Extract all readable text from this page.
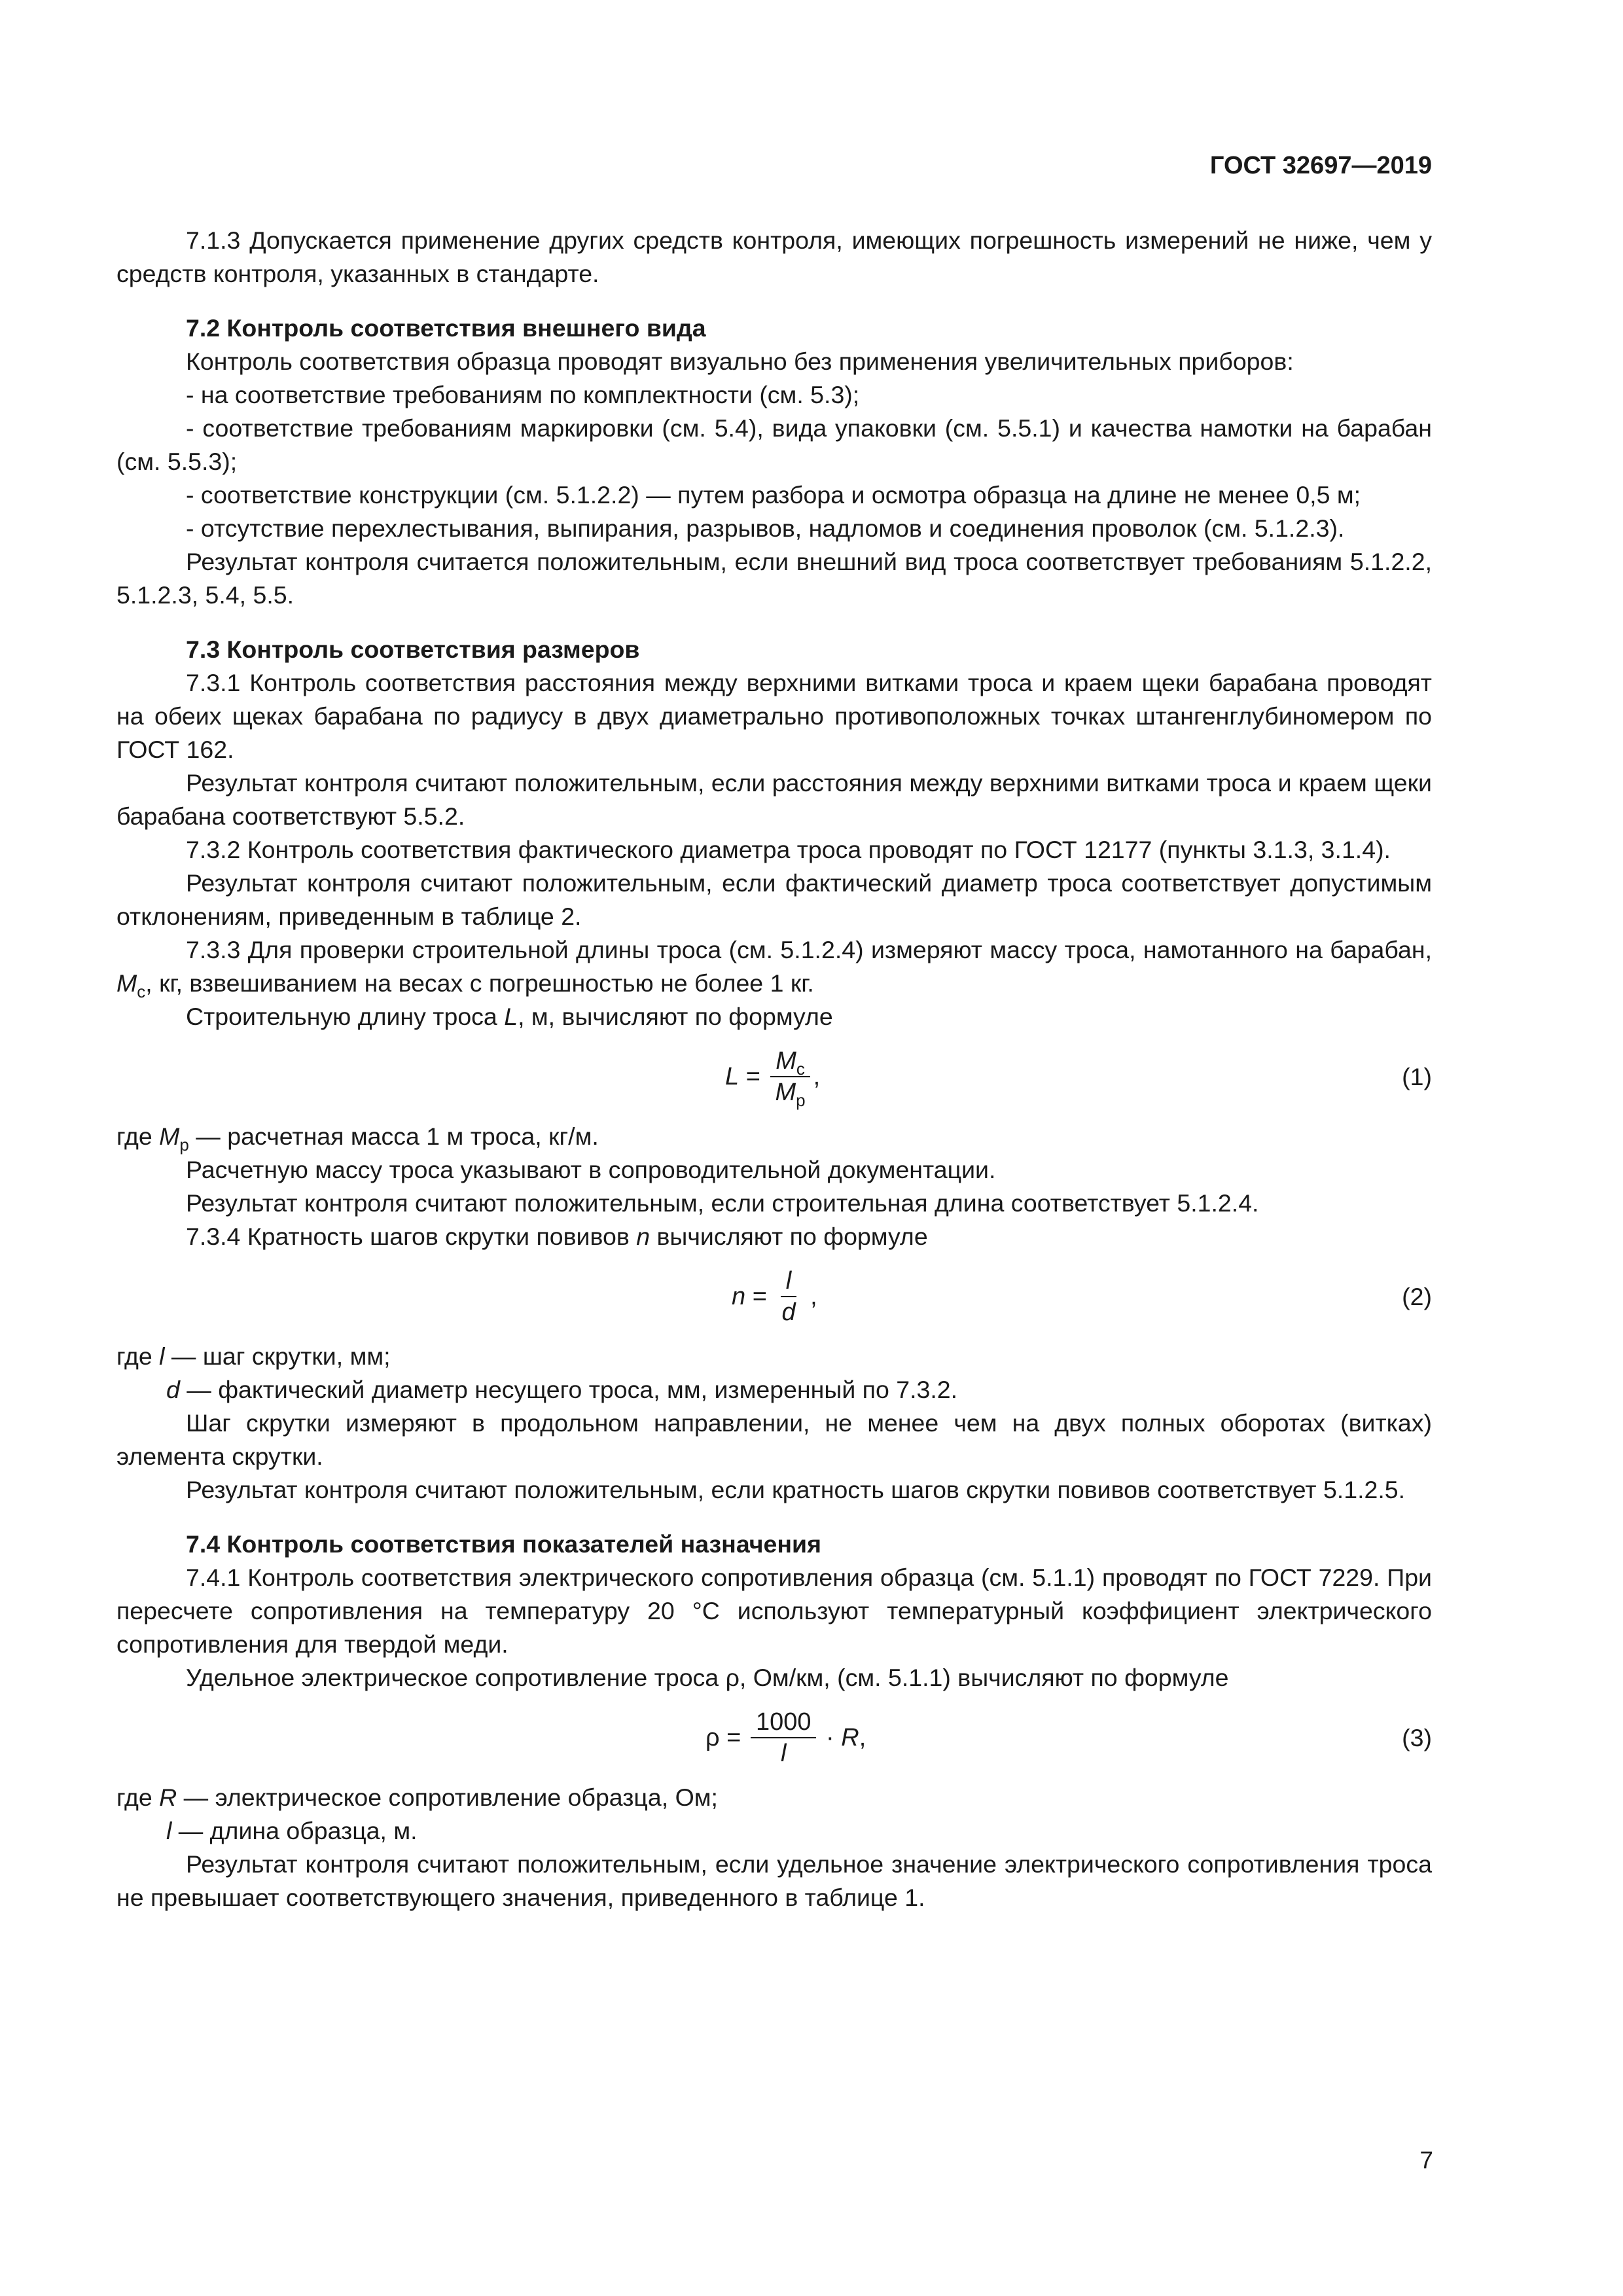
ГОСТ 32697—2019

7.1.3 Допускается применение других средств контроля, имеющих погрешность измерений не ниже, чем у средств контроля, указанных в стандарте.

7.2 Контроль соответствия внешнего вида

Контроль соответствия образца проводят визуально без применения увеличительных приборов:

- на соответствие требованиям по комплектности (см. 5.3);

- соответствие требованиям маркировки (см. 5.4), вида упаковки (см. 5.5.1) и качества намотки на барабан (см. 5.5.3);

- соответствие конструкции (см. 5.1.2.2) — путем разбора и осмотра образца на длине не менее 0,5 м;

- отсутствие перехлестывания, выпирания, разрывов, надломов и соединения проволок (см. 5.1.2.3).

Результат контроля считается положительным, если внешний вид троса соответствует требованиям 5.1.2.2, 5.1.2.3, 5.4, 5.5.

7.3 Контроль соответствия размеров

7.3.1 Контроль соответствия расстояния между верхними витками троса и краем щеки барабана проводят на обеих щеках барабана по радиусу в двух диаметрально противоположных точках штангенглубиномером по ГОСТ 162.

Результат контроля считают положительным, если расстояния между верхними витками троса и краем щеки барабана соответствуют 5.5.2.

7.3.2 Контроль соответствия фактического диаметра троса проводят по ГОСТ 12177 (пункты 3.1.3, 3.1.4).

Результат контроля считают положительным, если фактический диаметр троса соответствует допустимым отклонениям, приведенным в таблице 2.

7.3.3 Для проверки строительной длины троса (см. 5.1.2.4) измеряют массу троса, намотанного на барабан, $M_с$, кг, взвешиванием на весах с погрешностью не более 1 кг.

Строительную длину троса L, м, вычисляют по формуле

$L = \frac{M_с}{M_р}$ ,	(1)

где $M_р$ — расчетная масса 1 м троса, кг/м.

Расчетную массу троса указывают в сопроводительной документации.

Результат контроля считают положительным, если строительная длина соответствует 5.1.2.4.

7.3.4 Кратность шагов скрутки повивов n вычисляют по формуле

$n = \frac{l}{d}$
,	(2)

где l — шаг скрутки, мм;

d — фактический диаметр несущего троса, мм, измеренный по 7.3.2.

Шаг скрутки измеряют в продольном направлении, не менее чем на двух полных оборотах (витках) элемента скрутки.

Результат контроля считают положительным, если кратность шагов скрутки повивов соответствует 5.1.2.5.

7.4 Контроль соответствия показателей назначения

7.4.1 Контроль соответствия электрического сопротивления образца (см. 5.1.1) проводят по ГОСТ 7229. При пересчете сопротивления на температуру 20 °С используют температурный коэффициент электрического сопротивления для твердой меди.

Удельное электрическое сопротивление троса ρ, Ом/км, (см. 5.1.1) вычисляют по формуле

$\rho = \frac{1000}{l} \cdot R$ ,	(3)

где R — электрическое сопротивление образца, Ом;

l — длина образца, м.

Результат контроля считают положительным, если удельное значение электрического сопротивления троса не превышает соответствующего значения, приведенного в таблице 1.

7
